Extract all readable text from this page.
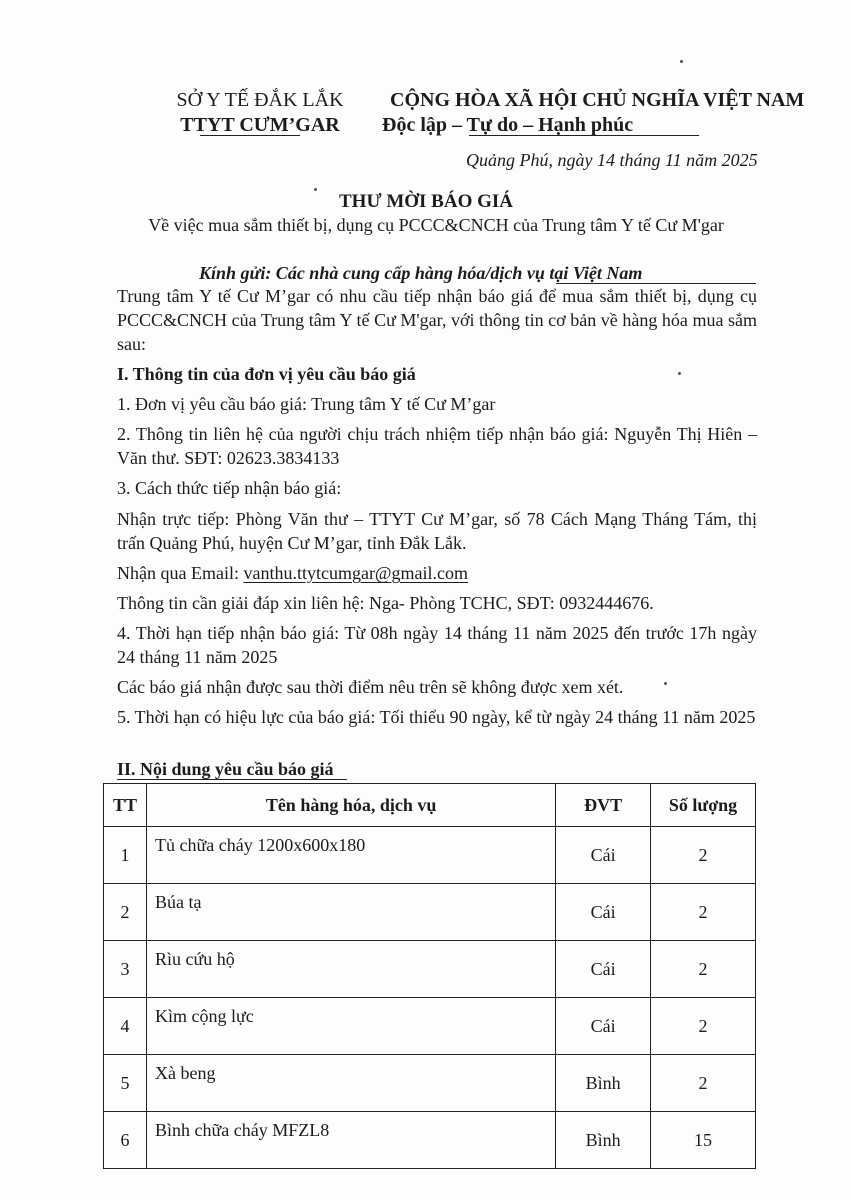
SỞ Y TẾ ĐẮK LẮK
TTYT CƯM’GAR
CỘNG HÒA XÃ HỘI CHỦ NGHĨA VIỆT NAM
Độc lập – Tự do – Hạnh phúc
Quảng Phú, ngày 14 tháng 11 năm 2025
THƯ MỜI BÁO GIÁ
Về việc mua sắm thiết bị, dụng cụ PCCC&CNCH của Trung tâm Y tế Cư M'gar
Kính gửi: Các nhà cung cấp hàng hóa/dịch vụ tại Việt Nam
Trung tâm Y tế Cư M’gar có nhu cầu tiếp nhận báo giá để mua sắm thiết bị, dụng cụ PCCC&CNCH của Trung tâm Y tế Cư M'gar, với thông tin cơ bản về hàng hóa mua sắm sau:
I. Thông tin của đơn vị yêu cầu báo giá
1. Đơn vị yêu cầu báo giá: Trung tâm Y tế Cư M’gar
2. Thông tin liên hệ của người chịu trách nhiệm tiếp nhận báo giá: Nguyễn Thị Hiên – Văn thư. SĐT: 02623.3834133
3. Cách thức tiếp nhận báo giá:
Nhận trực tiếp: Phòng Văn thư – TTYT Cư M’gar, số 78 Cách Mạng Tháng Tám, thị trấn Quảng Phú, huyện Cư M’gar, tỉnh Đắk Lắk.
Nhận qua Email: vanthu.ttytcumgar@gmail.com
Thông tin cần giải đáp xin liên hệ: Nga- Phòng TCHC, SĐT: 0932444676.
4. Thời hạn tiếp nhận báo giá: Từ 08h ngày 14 tháng 11 năm 2025 đến trước 17h ngày 24 tháng 11 năm 2025
Các báo giá nhận được sau thời điểm nêu trên sẽ không được xem xét.
5. Thời hạn có hiệu lực của báo giá: Tối thiểu 90 ngày, kể từ ngày 24 tháng 11 năm 2025
II. Nội dung yêu cầu báo giá
TT	Tên hàng hóa, dịch vụ	ĐVT	Số lượng
1	Tủ chữa cháy 1200x600x180	Cái	2
2	Búa tạ	Cái	2
3	Rìu cứu hộ	Cái	2
4	Kìm cộng lực	Cái	2
5	Xà beng	Bình	2
6	Bình chữa cháy MFZL8	Bình	15
